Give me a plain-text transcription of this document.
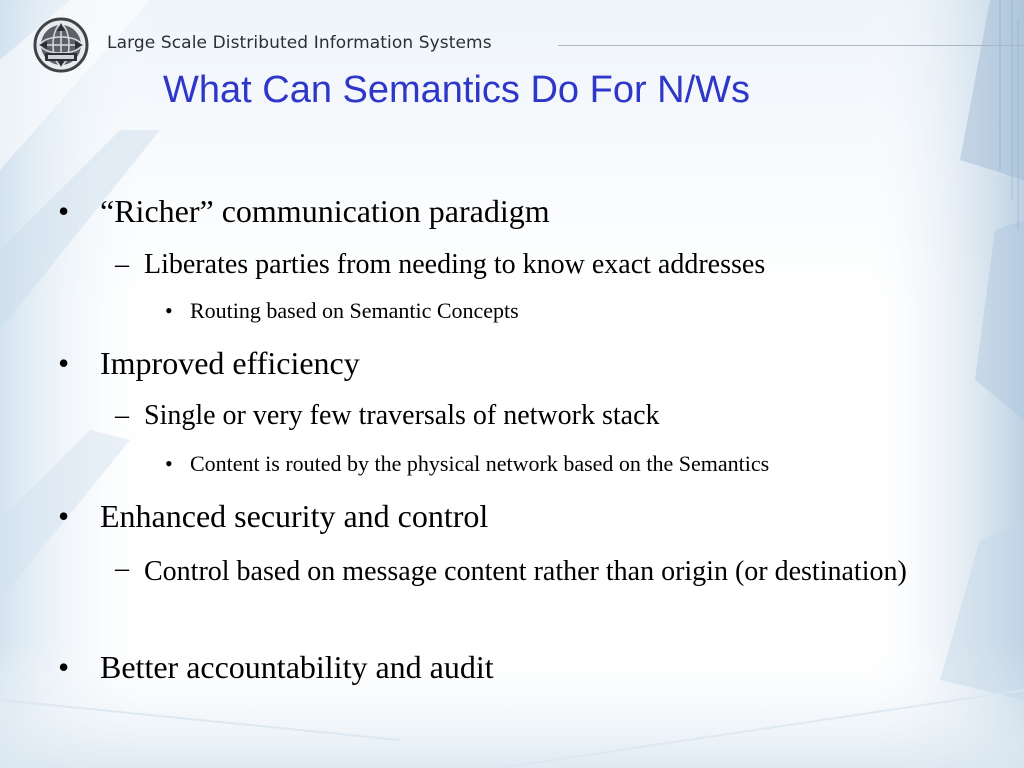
Large Scale Distributed Information Systems
What Can Semantics Do For N/Ws
• “Richer” communication paradigm
– Liberates parties from needing to know exact addresses
• Routing based on Semantic Concepts
• Improved efficiency
– Single or very few traversals of network stack
• Content is routed by the physical network based on the Semantics
• Enhanced security and control
– Control based on message content rather than origin (or destination)
• Better accountability and audit
